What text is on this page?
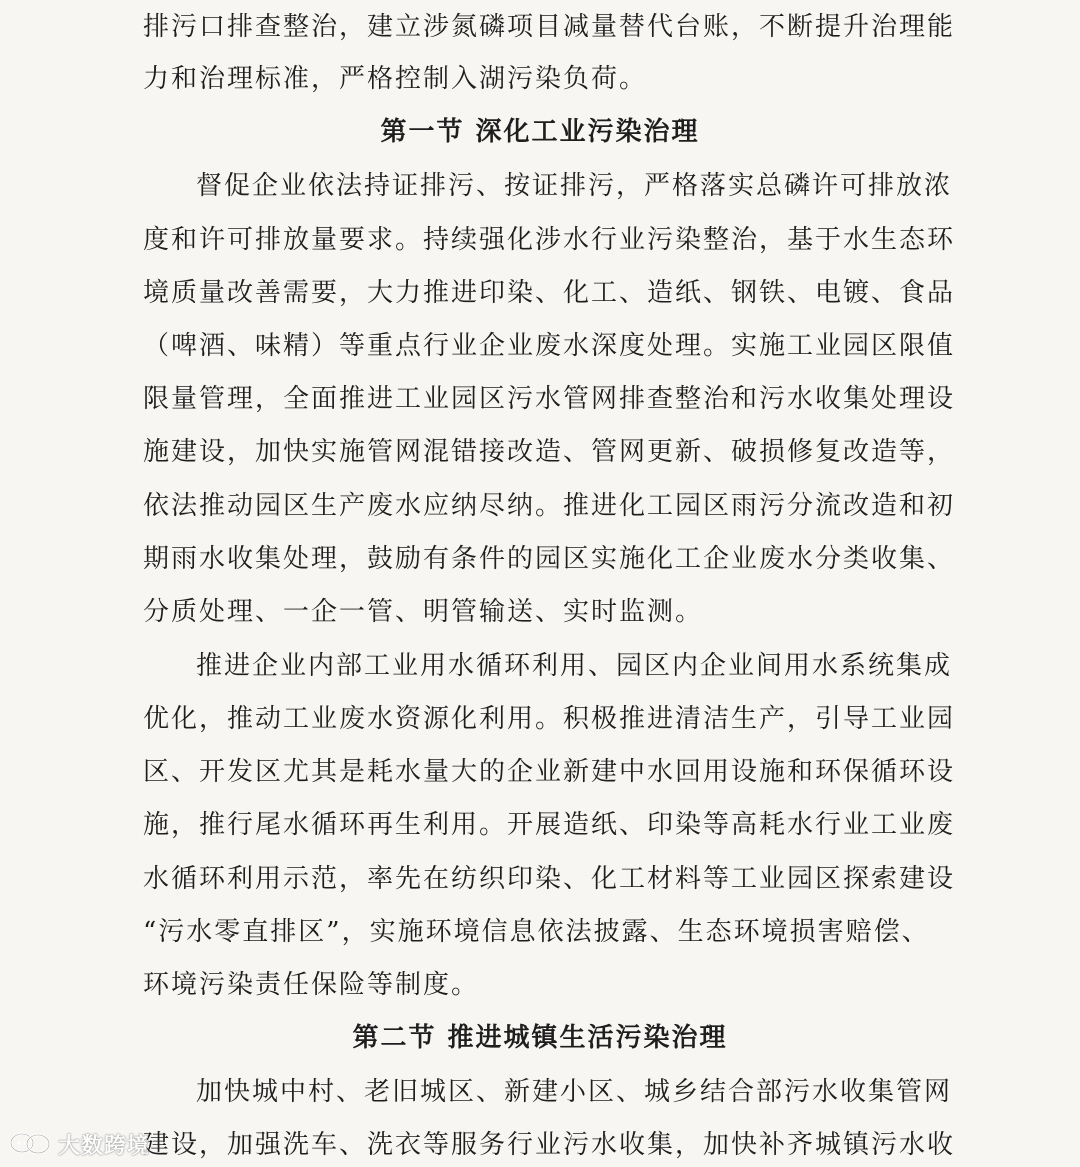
排污口排查整治，建立涉氮磷项目减量替代台账，不断提升治理能
力和治理标准，严格控制入湖污染负荷。
第一节 深化工业污染治理
督促企业依法持证排污、按证排污，严格落实总磷许可排放浓
度和许可排放量要求。持续强化涉水行业污染整治，基于水生态环
境质量改善需要，大力推进印染、化工、造纸、钢铁、电镀、食品
（啤酒、味精）等重点行业企业废水深度处理。实施工业园区限值
限量管理，全面推进工业园区污水管网排查整治和污水收集处理设
施建设，加快实施管网混错接改造、管网更新、破损修复改造等，
依法推动园区生产废水应纳尽纳。推进化工园区雨污分流改造和初
期雨水收集处理，鼓励有条件的园区实施化工企业废水分类收集、
分质处理、一企一管、明管输送、实时监测。
推进企业内部工业用水循环利用、园区内企业间用水系统集成
优化，推动工业废水资源化利用。积极推进清洁生产，引导工业园
区、开发区尤其是耗水量大的企业新建中水回用设施和环保循环设
施，推行尾水循环再生利用。开展造纸、印染等高耗水行业工业废
水循环利用示范，率先在纺织印染、化工材料等工业园区探索建设
“污水零直排区”，实施环境信息依法披露、生态环境损害赔偿、
环境污染责任保险等制度。
第二节 推进城镇生活污染治理
加快城中村、老旧城区、新建小区、城乡结合部污水收集管网
建设，加强洗车、洗衣等服务行业污水收集，加快补齐城镇污水收
大数跨境
